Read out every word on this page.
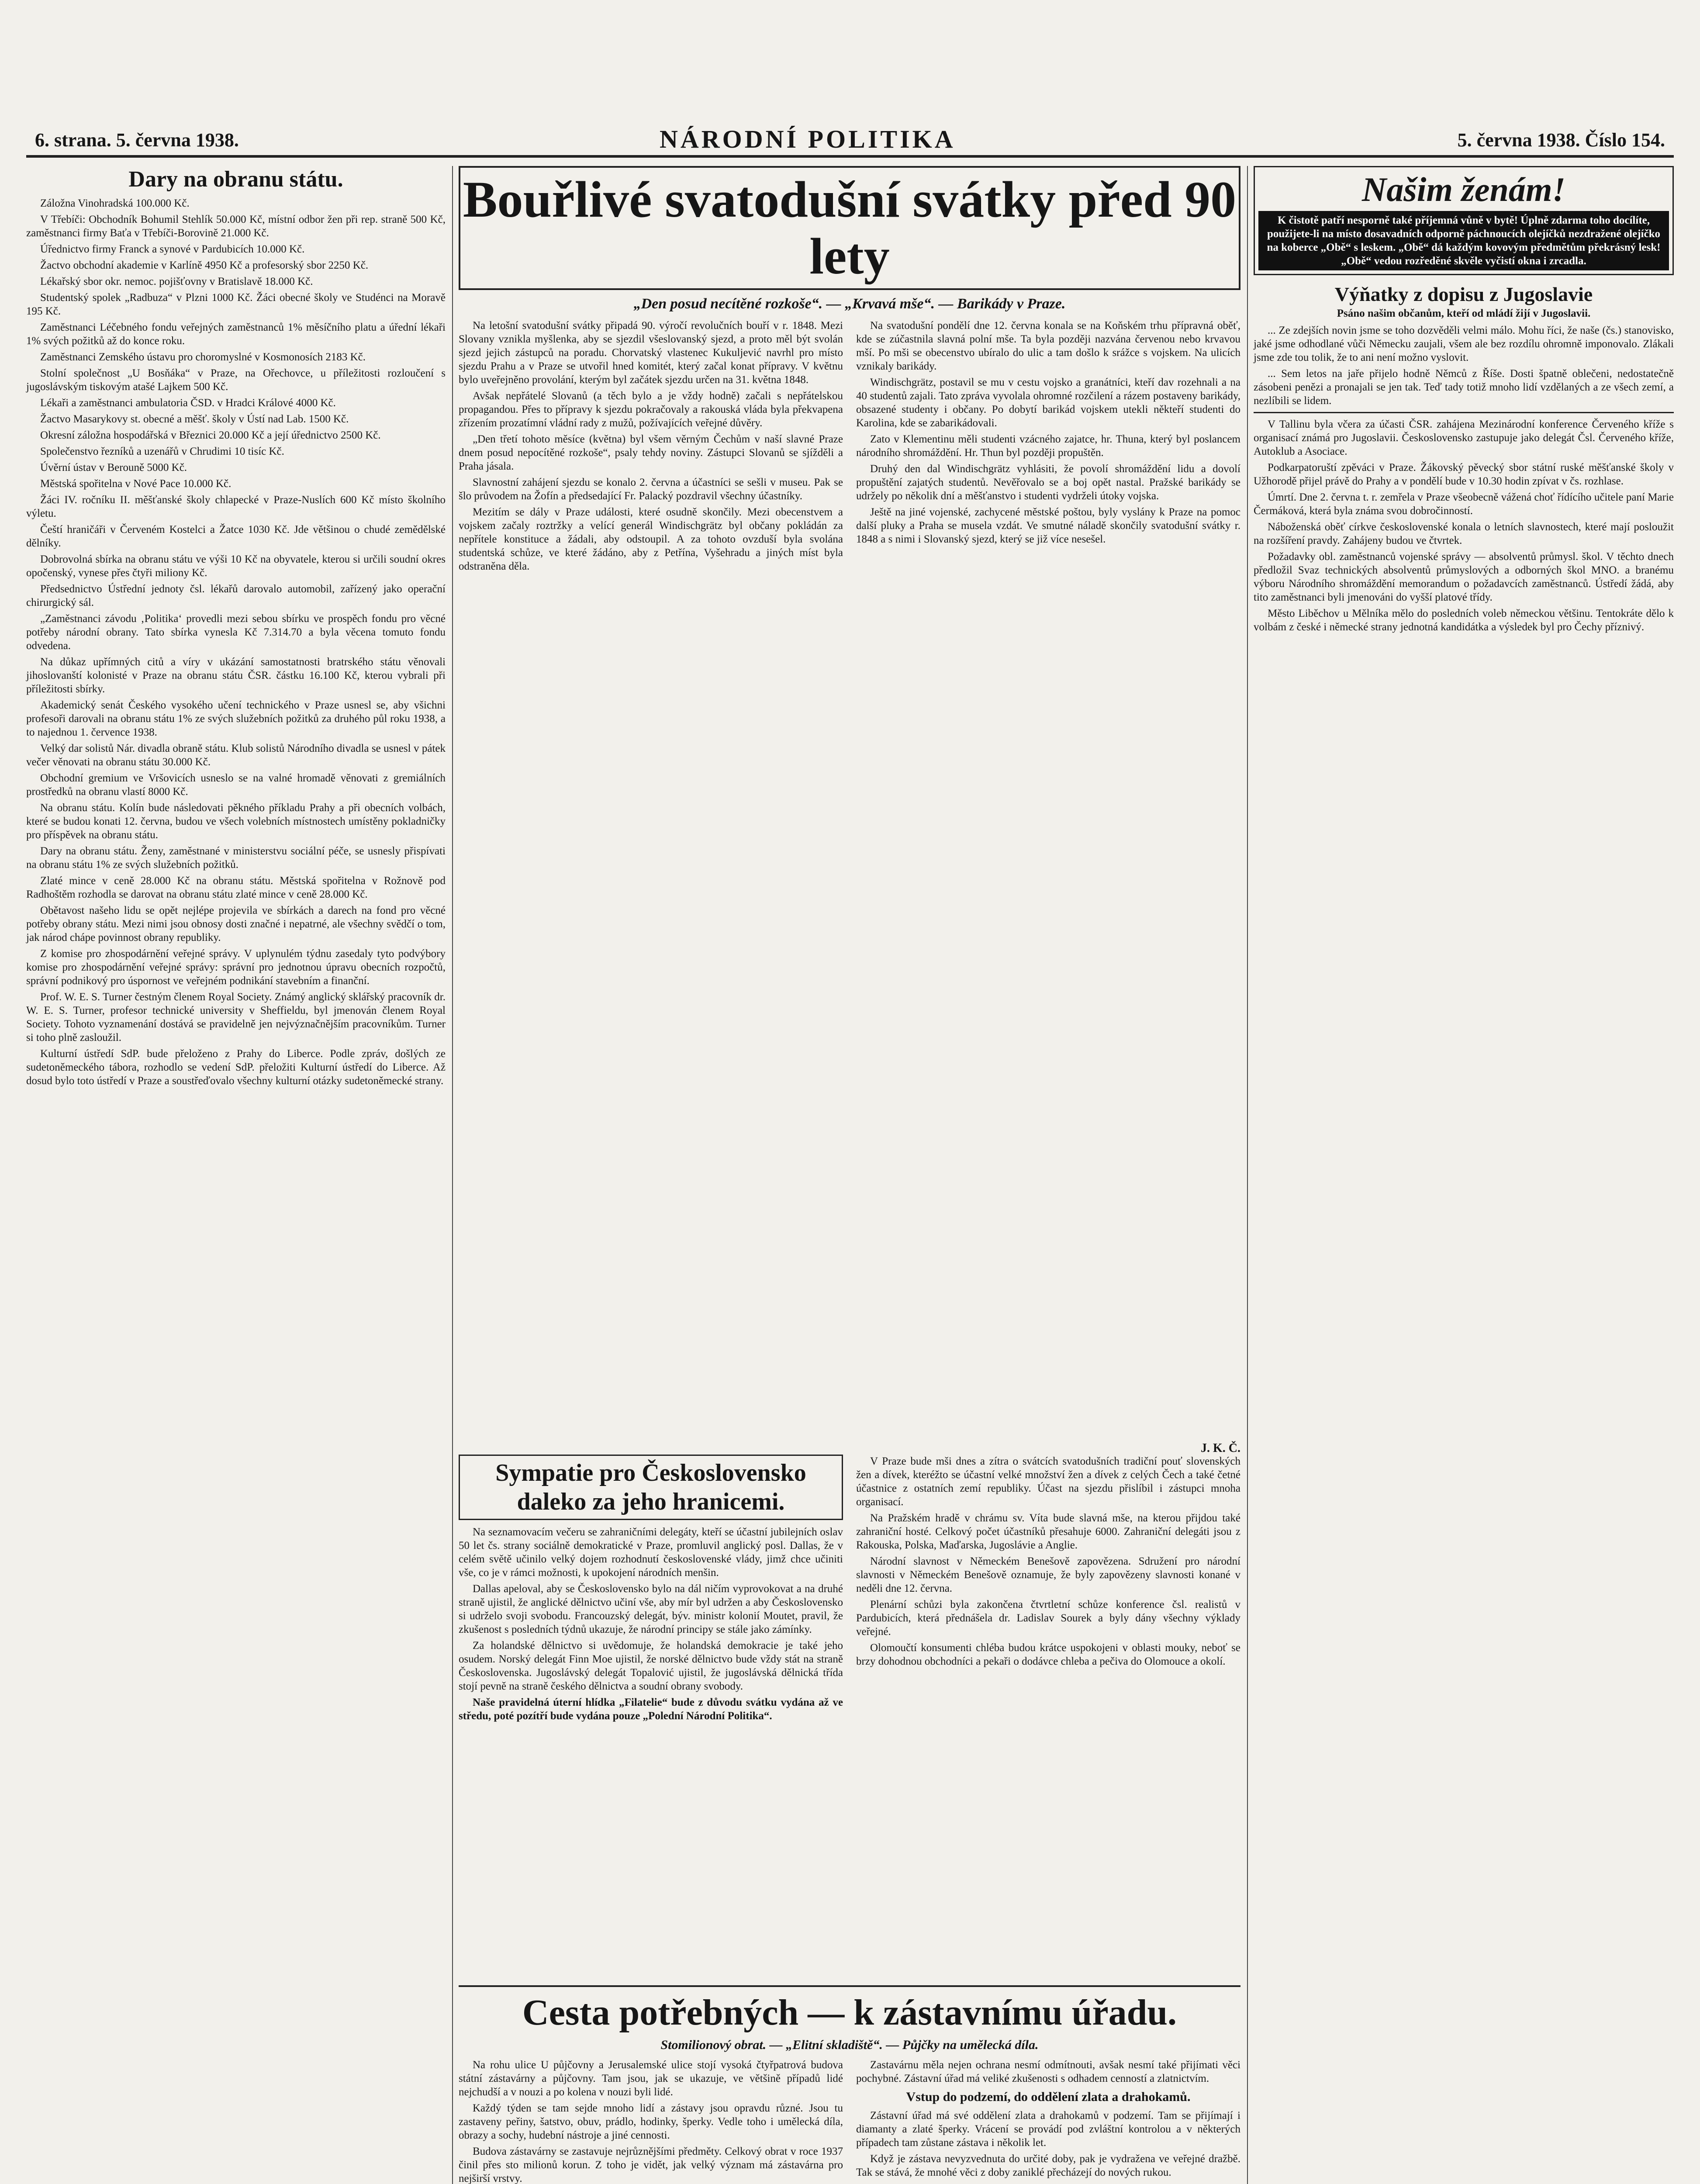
6. strana. 5. června 1938.	NÁRODNÍ POLITIKA	5. června 1938. Číslo 154.
Dary na obranu státu.

Záložna Vinohradská 100.000 Kč.

V Třebíči: Obchodník Bohumil Stehlík 50.000 Kč, místní odbor žen při rep. straně 500 Kč, zaměstnanci firmy Baťa v Třebíči-Borovině 21.000 Kč.

Úřednictvo firmy Franck a synové v Pardubicích 10.000 Kč.

Žactvo obchodní akademie v Karlíně 4950 Kč a profesorský sbor 2250 Kč.

Lékařský sbor okr. nemoc. pojišťovny v Bratislavě 18.000 Kč.

Studentský spolek „Radbuza“ v Plzni 1000 Kč. Žáci obecné školy ve Studénci na Moravě 195 Kč.

Zaměstnanci Léčebného fondu veřejných zaměstnanců 1% měsíčního platu a úřední lékaři 1% svých požitků až do konce roku.

Zaměstnanci Zemského ústavu pro choromyslné v Kosmonosích 2183 Kč.

Stolní společnost „U Bosňáka“ v Praze, na Ořechovce, u příležitosti rozloučení s jugoslávským tiskovým atašé Lajkem 500 Kč.

Lékaři a zaměstnanci ambulatoria ČSD. v Hradci Králové 4000 Kč.

Žactvo Masarykovy st. obecné a měšť. školy v Ústí nad Lab. 1500 Kč.

Okresní záložna hospodářská v Březnici 20.000 Kč a její úřednictvo 2500 Kč.

Společenstvo řezníků a uzenářů v Chrudimi 10 tisíc Kč.

Úvěrní ústav v Berouně 5000 Kč.

Městská spořitelna v Nové Pace 10.000 Kč.

Žáci IV. ročníku II. měšťanské školy chlapecké v Praze-Nuslích 600 Kč místo školního výletu.

Čeští hraničáři v Červeném Kostelci a Žatce 1030 Kč. Jde většinou o chudé zemědělské dělníky.

Dobrovolná sbírka na obranu státu ve výši 10 Kč na obyvatele, kterou si určili soudní okres opočenský, vynese přes čtyři miliony Kč.

Předsednictvo Ústřední jednoty čsl. lékařů darovalo automobil, zařízený jako operační chirurgický sál.

„Zaměstnanci závodu ‚Politika‘ provedli mezi sebou sbírku ve prospěch fondu pro věcné potřeby národní obrany. Tato sbírka vynesla Kč 7.314.70 a byla věcena tomuto fondu odvedena.

Na důkaz upřímných citů a víry v ukázání samostatnosti bratrského státu věnovali jihoslovanští kolonisté v Praze na obranu státu ČSR. částku 16.100 Kč, kterou vybrali při příležitosti sbírky.

Akademický senát Českého vysokého učení technického v Praze usnesl se, aby všichni profesoři darovali na obranu státu 1% ze svých služebních požitků za druhého půl roku 1938, a to najednou 1. července 1938.

Velký dar solistů Nár. divadla obraně státu. Klub solistů Národního divadla se usnesl v pátek večer věnovati na obranu státu 30.000 Kč.

Obchodní gremium ve Vršovicích usneslo se na valné hromadě věnovati z gremiálních prostředků na obranu vlastí 8000 Kč.

Na obranu státu. Kolín bude následovati pěkného příkladu Prahy a při obecních volbách, které se budou konati 12. června, budou ve všech volebních místnostech umístěny pokladničky pro příspěvek na obranu státu.

Dary na obranu státu. Ženy, zaměstnané v ministerstvu sociální péče, se usnesly přispívati na obranu státu 1% ze svých služebních požitků.

Zlaté mince v ceně 28.000 Kč na obranu státu. Městská spořitelna v Rožnově pod Radhoštěm rozhodla se darovat na obranu státu zlaté mince v ceně 28.000 Kč.

Obětavost našeho lidu se opět nejlépe projevila ve sbírkách a darech na fond pro věcné potřeby obrany státu. Mezi nimi jsou obnosy dosti značné i nepatrné, ale všechny svědčí o tom, jak národ chápe povinnost obrany republiky.

Z komise pro zhospodárnění veřejné správy. V uplynulém týdnu zasedaly tyto podvýbory komise pro zhospodárnění veřejné správy: správní pro jednotnou úpravu obecních rozpočtů, správní podnikový pro úspornost ve veřejném podnikání stavebním a finanční.

Prof. W. E. S. Turner čestným členem Royal Society. Známý anglický sklářský pracovník dr. W. E. S. Turner, profesor technické university v Sheffieldu, byl jmenován členem Royal Society. Tohoto vyznamenání dostává se pravidelně jen nejvýznačnějším pracovníkům. Turner si toho plně zasloužil.

Kulturní ústředí SdP. bude přeloženo z Prahy do Liberce. Podle zpráv, došlých ze sudetoněmeckého tábora, rozhodlo se vedení SdP. přeložiti Kulturní ústředí do Liberce. Až dosud bylo toto ústředí v Praze a soustřeďovalo všechny kulturní otázky sudetoněmecké strany.

Bouřlivé svatodušní svátky před 90 lety
„Den posud necítěné rozkoše“. — „Krvavá mše“. — Barikády v Praze.

Na letošní svatodušní svátky připadá 90. výročí revolučních bouří v r. 1848. Mezi Slovany vznikla myšlenka, aby se sjezdil všeslovanský sjezd, a proto měl být svolán sjezd jejich zástupců na poradu. Chorvatský vlastenec Kukuljević navrhl pro místo sjezdu Prahu a v Praze se utvořil hned komitét, který začal konat přípravy. V květnu bylo uveřejněno provolání, kterým byl začátek sjezdu určen na 31. května 1848.

Avšak nepřátelé Slovanů (a těch bylo a je vždy hodně) začali s nepřátelskou propagandou. Přes to přípravy k sjezdu pokračovaly a rakouská vláda byla překvapena zřízením prozatímní vládní rady z mužů, požívajících veřejné důvěry.

„Den třetí tohoto měsíce (května) byl všem věrným Čechům v naší slavné Praze dnem posud nepocítěné rozkoše“, psaly tehdy noviny. Zástupci Slovanů se sjížděli a Praha jásala.

Slavnostní zahájení sjezdu se konalo 2. června a účastníci se sešli v museu. Pak se šlo průvodem na Žofín a předsedající Fr. Palacký pozdravil všechny účastníky.

Mezitím se dály v Praze události, které osudně skončily. Mezi obecenstvem a vojskem začaly roztržky a velící generál Windischgrätz byl občany pokládán za nepřítele konstituce a žádali, aby odstoupil. A za tohoto ovzduší byla svolána studentská schůze, ve které žádáno, aby z Petřína, Vyšehradu a jiných míst byla odstraněna děla.

Na svatodušní pondělí dne 12. června konala se na Koňském trhu přípravná oběť, kde se zúčastnila slavná polní mše. Ta byla později nazvána červenou nebo krvavou mší. Po mši se obecenstvo ubíralo do ulic a tam došlo k srážce s vojskem. Na ulicích vznikaly barikády.

Windischgrätz, postavil se mu v cestu vojsko a granátníci, kteří dav rozehnali a na 40 studentů zajali. Tato zpráva vyvolala ohromné rozčilení a rázem postaveny barikády, obsazené studenty i občany. Po dobytí barikád vojskem utekli někteří studenti do Karolina, kde se zabarikádovali.

Zato v Klementinu měli studenti vzácného zajatce, hr. Thuna, který byl poslancem národního shromáždění. Hr. Thun byl později propuštěn.

Druhý den dal Windischgrätz vyhlásiti, že povolí shromáždění lidu a dovolí propuštění zajatých studentů. Nevěřovalo se a boj opět nastal. Pražské barikády se udržely po několik dní a měšťanstvo i studenti vydrželi útoky vojska.

Ještě na jiné vojenské, zachycené městské poštou, byly vyslány k Praze na pomoc další pluky a Praha se musela vzdát. Ve smutné náladě skončily svatodušní svátky r. 1848 a s nimi i Slovanský sjezd, který se již více nesešel.

J. K. Č.
Sympatie pro Československo daleko za jeho hranicemi.

Na seznamovacím večeru se zahraničními delegáty, kteří se účastní jubilejních oslav 50 let čs. strany sociálně demokratické v Praze, promluvil anglický posl. Dallas, že v celém světě učinilo velký dojem rozhodnutí československé vlády, jimž chce učiniti vše, co je v rámci možnosti, k upokojení národních menšin.

Dallas apeloval, aby se Československo bylo na dál ničím vyprovokovat a na druhé straně ujistil, že anglické dělnictvo učiní vše, aby mír byl udržen a aby Československo si udrželo svoji svobodu. Francouzský delegát, býv. ministr kolonií Moutet, pravil, že zkušenost s posledních týdnů ukazuje, že národní principy se stále jako zámínky.

Za holandské dělnictvo si uvědomuje, že holandská demokracie je také jeho osudem. Norský delegát Finn Moe ujistil, že norské dělnictvo bude vždy stát na straně Československa. Jugoslávský delegát Topalović ujistil, že jugoslávská dělnická třída stojí pevně na straně českého dělnictva a soudní obrany svobody.

Naše pravidelná úterní hlídka „Filatelie“ bude z důvodu svátku vydána až ve středu, poté pozítří bude vydána pouze „Polední Národní Politika“.

V Praze bude mši dnes a zítra o svátcích svatodušních tradiční pouť slovenských žen a dívek, kteréžto se účastní velké množství žen a dívek z celých Čech a také četné účastnice z ostatních zemí republiky. Účast na sjezdu přislíbil i zástupci mnoha organisací.

Na Pražském hradě v chrámu sv. Víta bude slavná mše, na kterou přijdou také zahraniční hosté. Celkový počet účastníků přesahuje 6000. Zahraniční delegáti jsou z Rakouska, Polska, Maďarska, Jugoslávie a Anglie.

Národní slavnost v Německém Benešově zapovězena. Sdružení pro národní slavnosti v Německém Benešově oznamuje, že byly zapovězeny slavnosti konané v neděli dne 12. června.

Plenární schůzi byla zakončena čtvrtletní schůze konference čsl. realistů v Pardubicích, která přednášela dr. Ladislav Sourek a byly dány všechny výklady veřejné.

Olomoučtí konsumenti chléba budou krátce uspokojeni v oblasti mouky, neboť se brzy dohodnou obchodníci a pekaři o dodávce chleba a pečiva do Olomouce a okolí.

Cesta potřebných — k zástavnímu úřadu.
Stomilionový obrat. — „Elitní skladiště“. — Půjčky na umělecká díla.

Na rohu ulice U půjčovny a Jerusalemské ulice stojí vysoká čtyřpatrová budova státní zástavárny a půjčovny. Tam jsou, jak se ukazuje, ve většině případů lidé nejchudší a v nouzi a po kolena v nouzi byli lidé.

Každý týden se tam sejde mnoho lidí a zástavy jsou opravdu různé. Jsou tu zastaveny peřiny, šatstvo, obuv, prádlo, hodinky, šperky. Vedle toho i umělecká díla, obrazy a sochy, hudební nástroje a jiné cennosti.

Budova zástavárny se zastavuje nejrůznějšími předměty. Celkový obrat v roce 1937 činil přes sto milionů korun. Z toho je vidět, jak velký význam má zástavárna pro nejširší vrstvy.

Zastavárnu měla nejen ochrana nesmí odmítnouti, avšak nesmí také přijímati věci pochybné. Zástavní úřad má veliké zkušenosti s odhadem cenností a zlatnictvím.

Vstup do podzemí, do oddělení zlata a drahokamů.

Zástavní úřad má své oddělení zlata a drahokamů v podzemí. Tam se přijímají i diamanty a zlaté šperky. Vrácení se provádí pod zvláštní kontrolou a v některých případech tam zůstane zástava i několik let.

Když je zástava nevyzvednuta do určité doby, pak je vydražena ve veřejné dražbě. Tak se stává, že mnohé věci z doby zaniklé přecházejí do nových rukou.

Našim ženám!
K čistotě patří nesporně také příjemná vůně v bytě! Úplně zdarma toho docílíte, použijete-li na místo dosavadních odporně páchnoucích olejíčků nezdražené olejíčko na koberce „Obě“ s leskem. „Obě“ dá každým kovovým předmětům překrásný lesk! „Obě“ vedou rozředěné skvěle vyčistí okna i zrcadla.
Výňatky z dopisu z Jugoslavie
Psáno našim občanům, kteří od mládí žijí v Jugoslavii.

... Ze zdejších novin jsme se toho dozvěděli velmi málo. Mohu říci, že naše (čs.) stanovisko, jaké jsme odhodlané vůči Německu zaujali, všem ale bez rozdílu ohromně imponovalo. Zlákali jsme zde tou tolik, že to ani není možno vyslovit.

... Sem letos na jaře přijelo hodně Němců z Říše. Dosti špatně oblečeni, nedostatečně zásobeni penězi a pronajali se jen tak. Teď tady totiž mnoho lidí vzdělaných a ze všech zemí, a nezlíbili se lidem.

V Tallinu byla včera za účasti ČSR. zahájena Mezinárodní konference Červeného kříže s organisací známá pro Jugoslavii. Československo zastupuje jako delegát Čsl. Červeného kříže, Autoklub a Asociace.

Podkarpatoruští zpěváci v Praze. Žákovský pěvecký sbor státní ruské měšťanské školy v Užhorodě přijel právě do Prahy a v pondělí bude v 10.30 hodin zpívat v čs. rozhlase.

Úmrtí. Dne 2. června t. r. zemřela v Praze všeobecně vážená choť řídícího učitele paní Marie Čermáková, která byla známa svou dobročinností.

Náboženská oběť církve československé konala o letních slavnostech, které mají posloužit na rozšíření pravdy. Zahájeny budou ve čtvrtek.

Požadavky obl. zaměstnanců vojenské správy — absolventů průmysl. škol. V těchto dnech předložil Svaz technických absolventů průmyslových a odborných škol MNO. a branému výboru Národního shromáždění memorandum o požadavcích zaměstnanců. Ústředí žádá, aby tito zaměstnanci byli jmenováni do vyšší platové třídy.

Město Liběchov u Mělníka mělo do posledních voleb německou většinu. Tentokráte dělo k volbám z české i německé strany jednotná kandidátka a výsledek byl pro Čechy příznivý.
